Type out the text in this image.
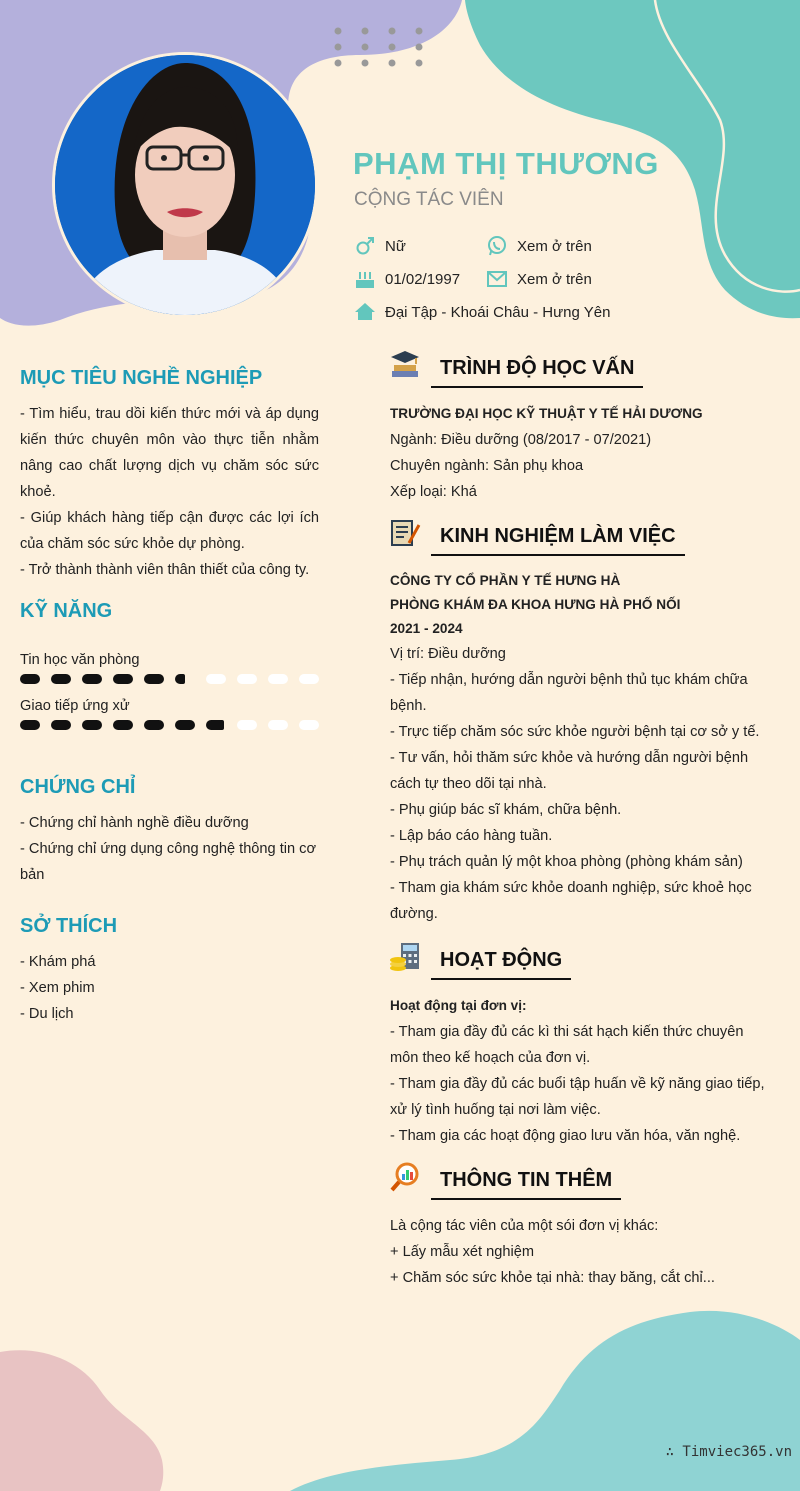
PHẠM THỊ THƯƠNG
CỘNG TÁC VIÊN
Nữ	Xem ở trên
01/02/1997	Xem ở trên
Đại Tập - Khoái Châu - Hưng Yên
MỤC TIÊU NGHỀ NGHIỆP

- Tìm hiểu, trau dồi kiến thức mới và áp dụng kiến thức chuyên môn vào thực tiễn nhằm nâng cao chất lượng dịch vụ chăm sóc sức khoẻ.

- Giúp khách hàng tiếp cận được các lợi ích của chăm sóc sức khỏe dự phòng.

- Trở thành thành viên thân thiết của công ty.

KỸ NĂNG
Tin học văn phòng
Giao tiếp ứng xử
CHỨNG CHỈ

- Chứng chỉ hành nghề điều dưỡng

- Chứng chỉ ứng dụng công nghệ thông tin cơ bản

SỞ THÍCH

- Khám phá

- Xem phim

- Du lịch

TRÌNH ĐỘ HỌC VẤN

TRƯỜNG ĐẠI HỌC KỸ THUẬT Y TẾ HẢI DƯƠNG

Ngành: Điều dưỡng (08/2017 - 07/2021)

Chuyên ngành: Sản phụ khoa

Xếp loại: Khá

KINH NGHIỆM LÀM VIỆC

CÔNG TY CỔ PHẦN Y TẾ HƯNG HÀ

PHÒNG KHÁM ĐA KHOA HƯNG HÀ PHỐ NỐI

2021 - 2024

Vị trí: Điều dưỡng

- Tiếp nhận, hướng dẫn người bệnh thủ tục khám chữa bệnh.

- Trực tiếp chăm sóc sức khỏe người bệnh tại cơ sở y tế.

- Tư vấn, hỏi thăm sức khỏe và hướng dẫn người bệnh cách tự theo dõi tại nhà.

- Phụ giúp bác sĩ khám, chữa bệnh.

- Lập báo cáo hàng tuần.

- Phụ trách quản lý một khoa phòng (phòng khám sản)

- Tham gia khám sức khỏe doanh nghiệp, sức khoẻ học đường.

HOẠT ĐỘNG

Hoạt động tại đơn vị:

- Tham gia đầy đủ các kì thi sát hạch kiến thức chuyên môn theo kế hoạch của đơn vị.

- Tham gia đầy đủ các buổi tập huấn về kỹ năng giao tiếp, xử lý tình huống tại nơi làm việc.

- Tham gia các hoạt động giao lưu văn hóa, văn nghệ.

THÔNG TIN THÊM

Là cộng tác viên của một sói đơn vị khác:

+ Lấy mẫu xét nghiệm

+ Chăm sóc sức khỏe tại nhà: thay băng, cắt chỉ...

∴ Timviec365.vn
